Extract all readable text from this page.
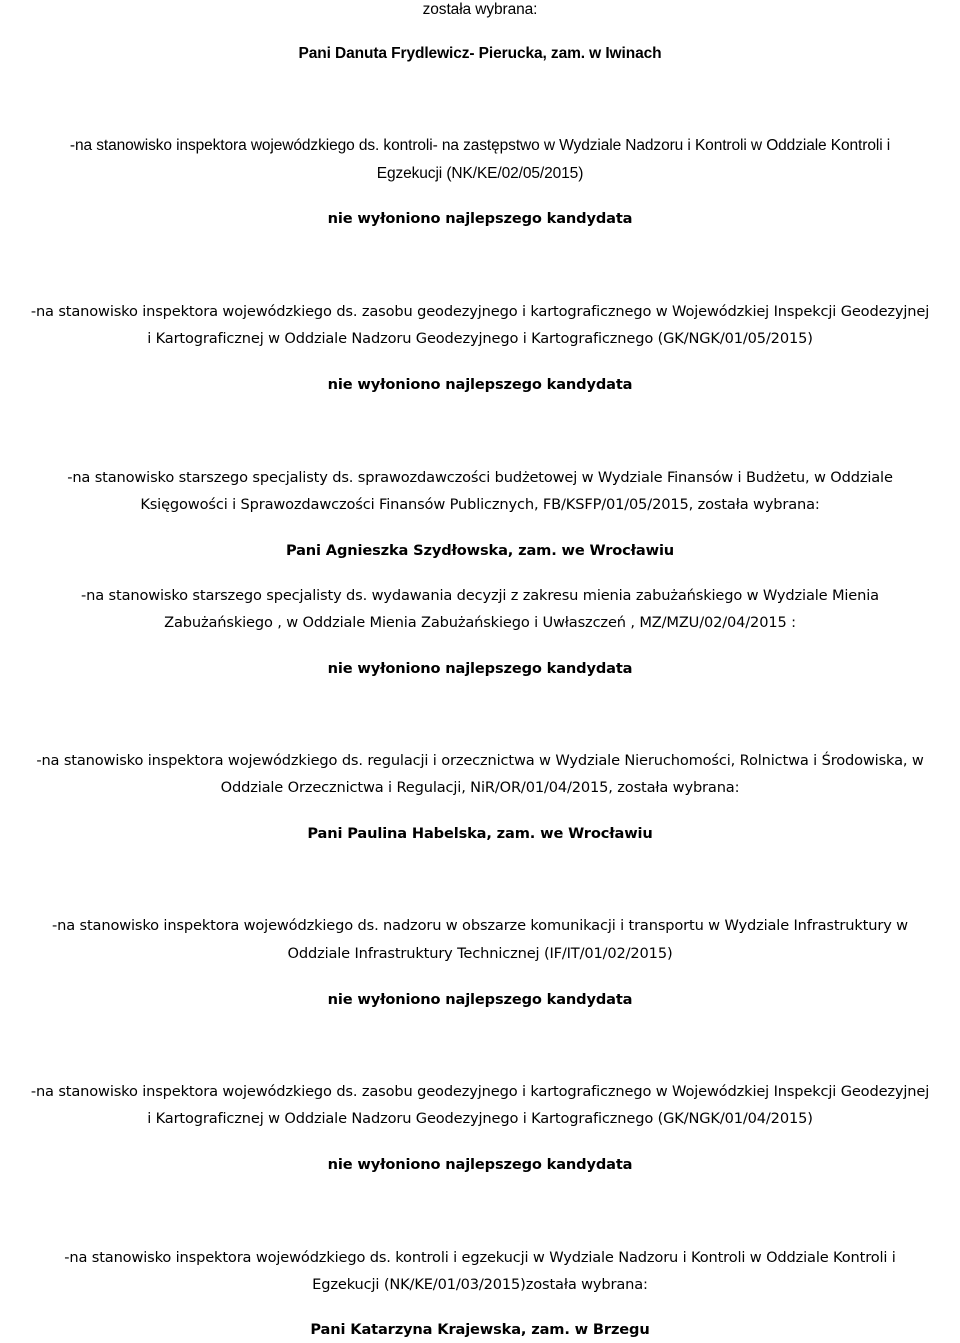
została wybrana:
Pani Danuta Frydlewicz- Pierucka, zam. w Iwinach
-na stanowisko inspektora wojewódzkiego ds. kontroli- na zastępstwo w Wydziale Nadzoru i Kontroli w Oddziale Kontroli i
Egzekucji (NK/KE/02/05/2015)
nie wyłoniono najlepszego kandydata
-na stanowisko inspektora wojewódzkiego ds. zasobu geodezyjnego i kartograficznego w Wojewódzkiej Inspekcji Geodezyjnej
i Kartograficznej w Oddziale Nadzoru Geodezyjnego i Kartograficznego (GK/NGK/01/05/2015)
nie wyłoniono najlepszego kandydata
-na stanowisko starszego specjalisty ds. sprawozdawczości budżetowej w Wydziale Finansów i Budżetu, w Oddziale
Księgowości i Sprawozdawczości Finansów Publicznych, FB/KSFP/01/05/2015, została wybrana:
Pani Agnieszka Szydłowska, zam. we Wrocławiu
-na stanowisko starszego specjalisty ds. wydawania decyzji z zakresu mienia zabużańskiego w Wydziale Mienia
Zabużańskiego , w Oddziale Mienia Zabużańskiego i Uwłaszczeń , MZ/MZU/02/04/2015 :
nie wyłoniono najlepszego kandydata
-na stanowisko inspektora wojewódzkiego ds. regulacji i orzecznictwa w Wydziale Nieruchomości, Rolnictwa i Środowiska, w
Oddziale Orzecznictwa i Regulacji, NiR/OR/01/04/2015, została wybrana:
Pani Paulina Habelska, zam. we Wrocławiu
-na stanowisko inspektora wojewódzkiego ds. nadzoru w obszarze komunikacji i transportu w Wydziale Infrastruktury w
Oddziale Infrastruktury Technicznej (IF/IT/01/02/2015)
nie wyłoniono najlepszego kandydata
-na stanowisko inspektora wojewódzkiego ds. zasobu geodezyjnego i kartograficznego w Wojewódzkiej Inspekcji Geodezyjnej
i Kartograficznej w Oddziale Nadzoru Geodezyjnego i Kartograficznego (GK/NGK/01/04/2015)
nie wyłoniono najlepszego kandydata
-na stanowisko inspektora wojewódzkiego ds. kontroli i egzekucji w Wydziale Nadzoru i Kontroli w Oddziale Kontroli i
Egzekucji (NK/KE/01/03/2015)została wybrana:
Pani Katarzyna Krajewska, zam. w Brzegu
